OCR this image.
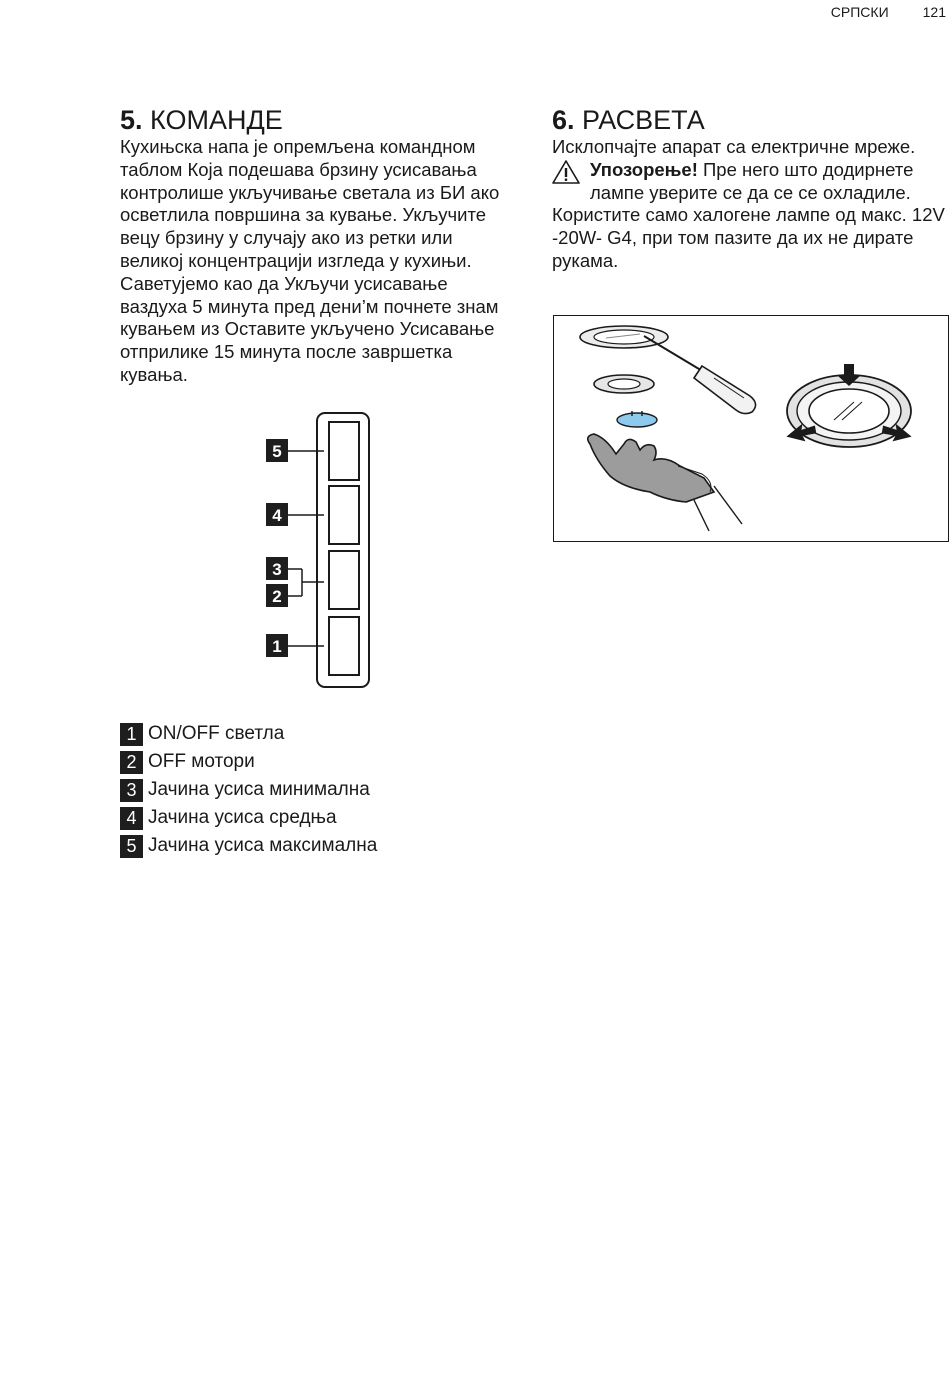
СРПСКИ 121
5. КОМАНДЕ

Кухињска напа је опремљена командном таблом Која подешава брзину усисавања контролише укључивање светала из БИ ако осветлила површина за кување. Укључите вецу брзину у случају ако из ретки или великој концентрацији изгледа у кухињи. Саветујемо као да Укључи усисавање ваздуха 5 минута пред дени’м почнете знам кувањем из Оставите укључено Усисавање отприлике 15 минута после завршетка кувања.

5
4
3
2
1
1 ON/OFF светла
2 OFF мотори
3 Јачина усиса минимална
4 Јачина усиса средња
5 Јачина усиса максимална
6. РАСВЕТА

Исклопчајте апарат са електричне мреже.

Упозорење! Пре него што додирнете лампе уверите се да се се охладиле.

Користите само халогене лампе од макс. 12V -20W- G4, при том пазите да их не дирате рукама.
